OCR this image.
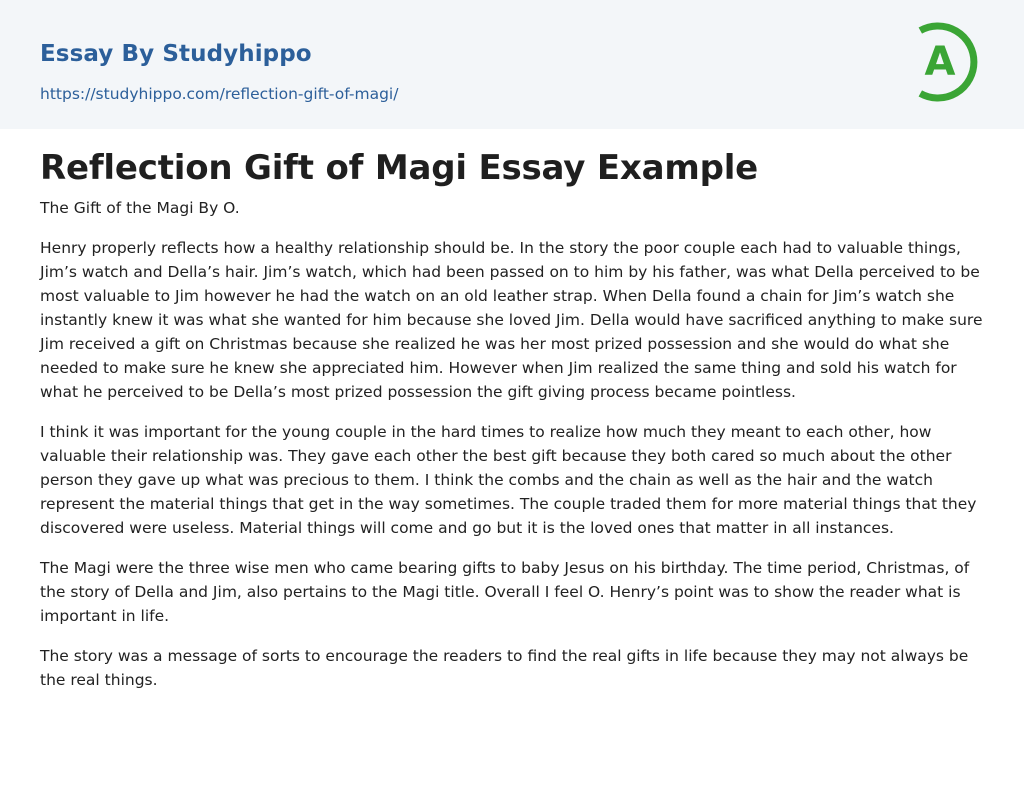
Essay By Studyhippo
https://studyhippo.com/reflection-gift-of-magi/
A
Reflection Gift of Magi Essay Example
The Gift of the Magi By O.

Henry properly reflects how a healthy relationship should be. In the story the poor couple each had to valuable things, Jim’s watch and Della’s hair. Jim’s watch, which had been passed on to him by his father, was what Della perceived to be most valuable to Jim however he had the watch on an old leather strap. When Della found a chain for Jim’s watch she instantly knew it was what she wanted for him because she loved Jim. Della would have sacrificed anything to make sure Jim received a gift on Christmas because she realized he was her most prized possession and she would do what she needed to make sure he knew she appreciated him. However when Jim realized the same thing and sold his watch for what he perceived to be Della’s most prized possession the gift giving process became pointless.

I think it was important for the young couple in the hard times to realize how much they meant to each other, how valuable their relationship was. They gave each other the best gift because they both cared so much about the other person they gave up what was precious to them. I think the combs and the chain as well as the hair and the watch represent the material things that get in the way sometimes. The couple traded them for more material things that they discovered were useless. Material things will come and go but it is the loved ones that matter in all instances.

The Magi were the three wise men who came bearing gifts to baby Jesus on his birthday. The time period, Christmas, of the story of Della and Jim, also pertains to the Magi title. Overall I feel O. Henry’s point was to show the reader what is important in life.

The story was a message of sorts to encourage the readers to find the real gifts in life because they may not always be the real things.
